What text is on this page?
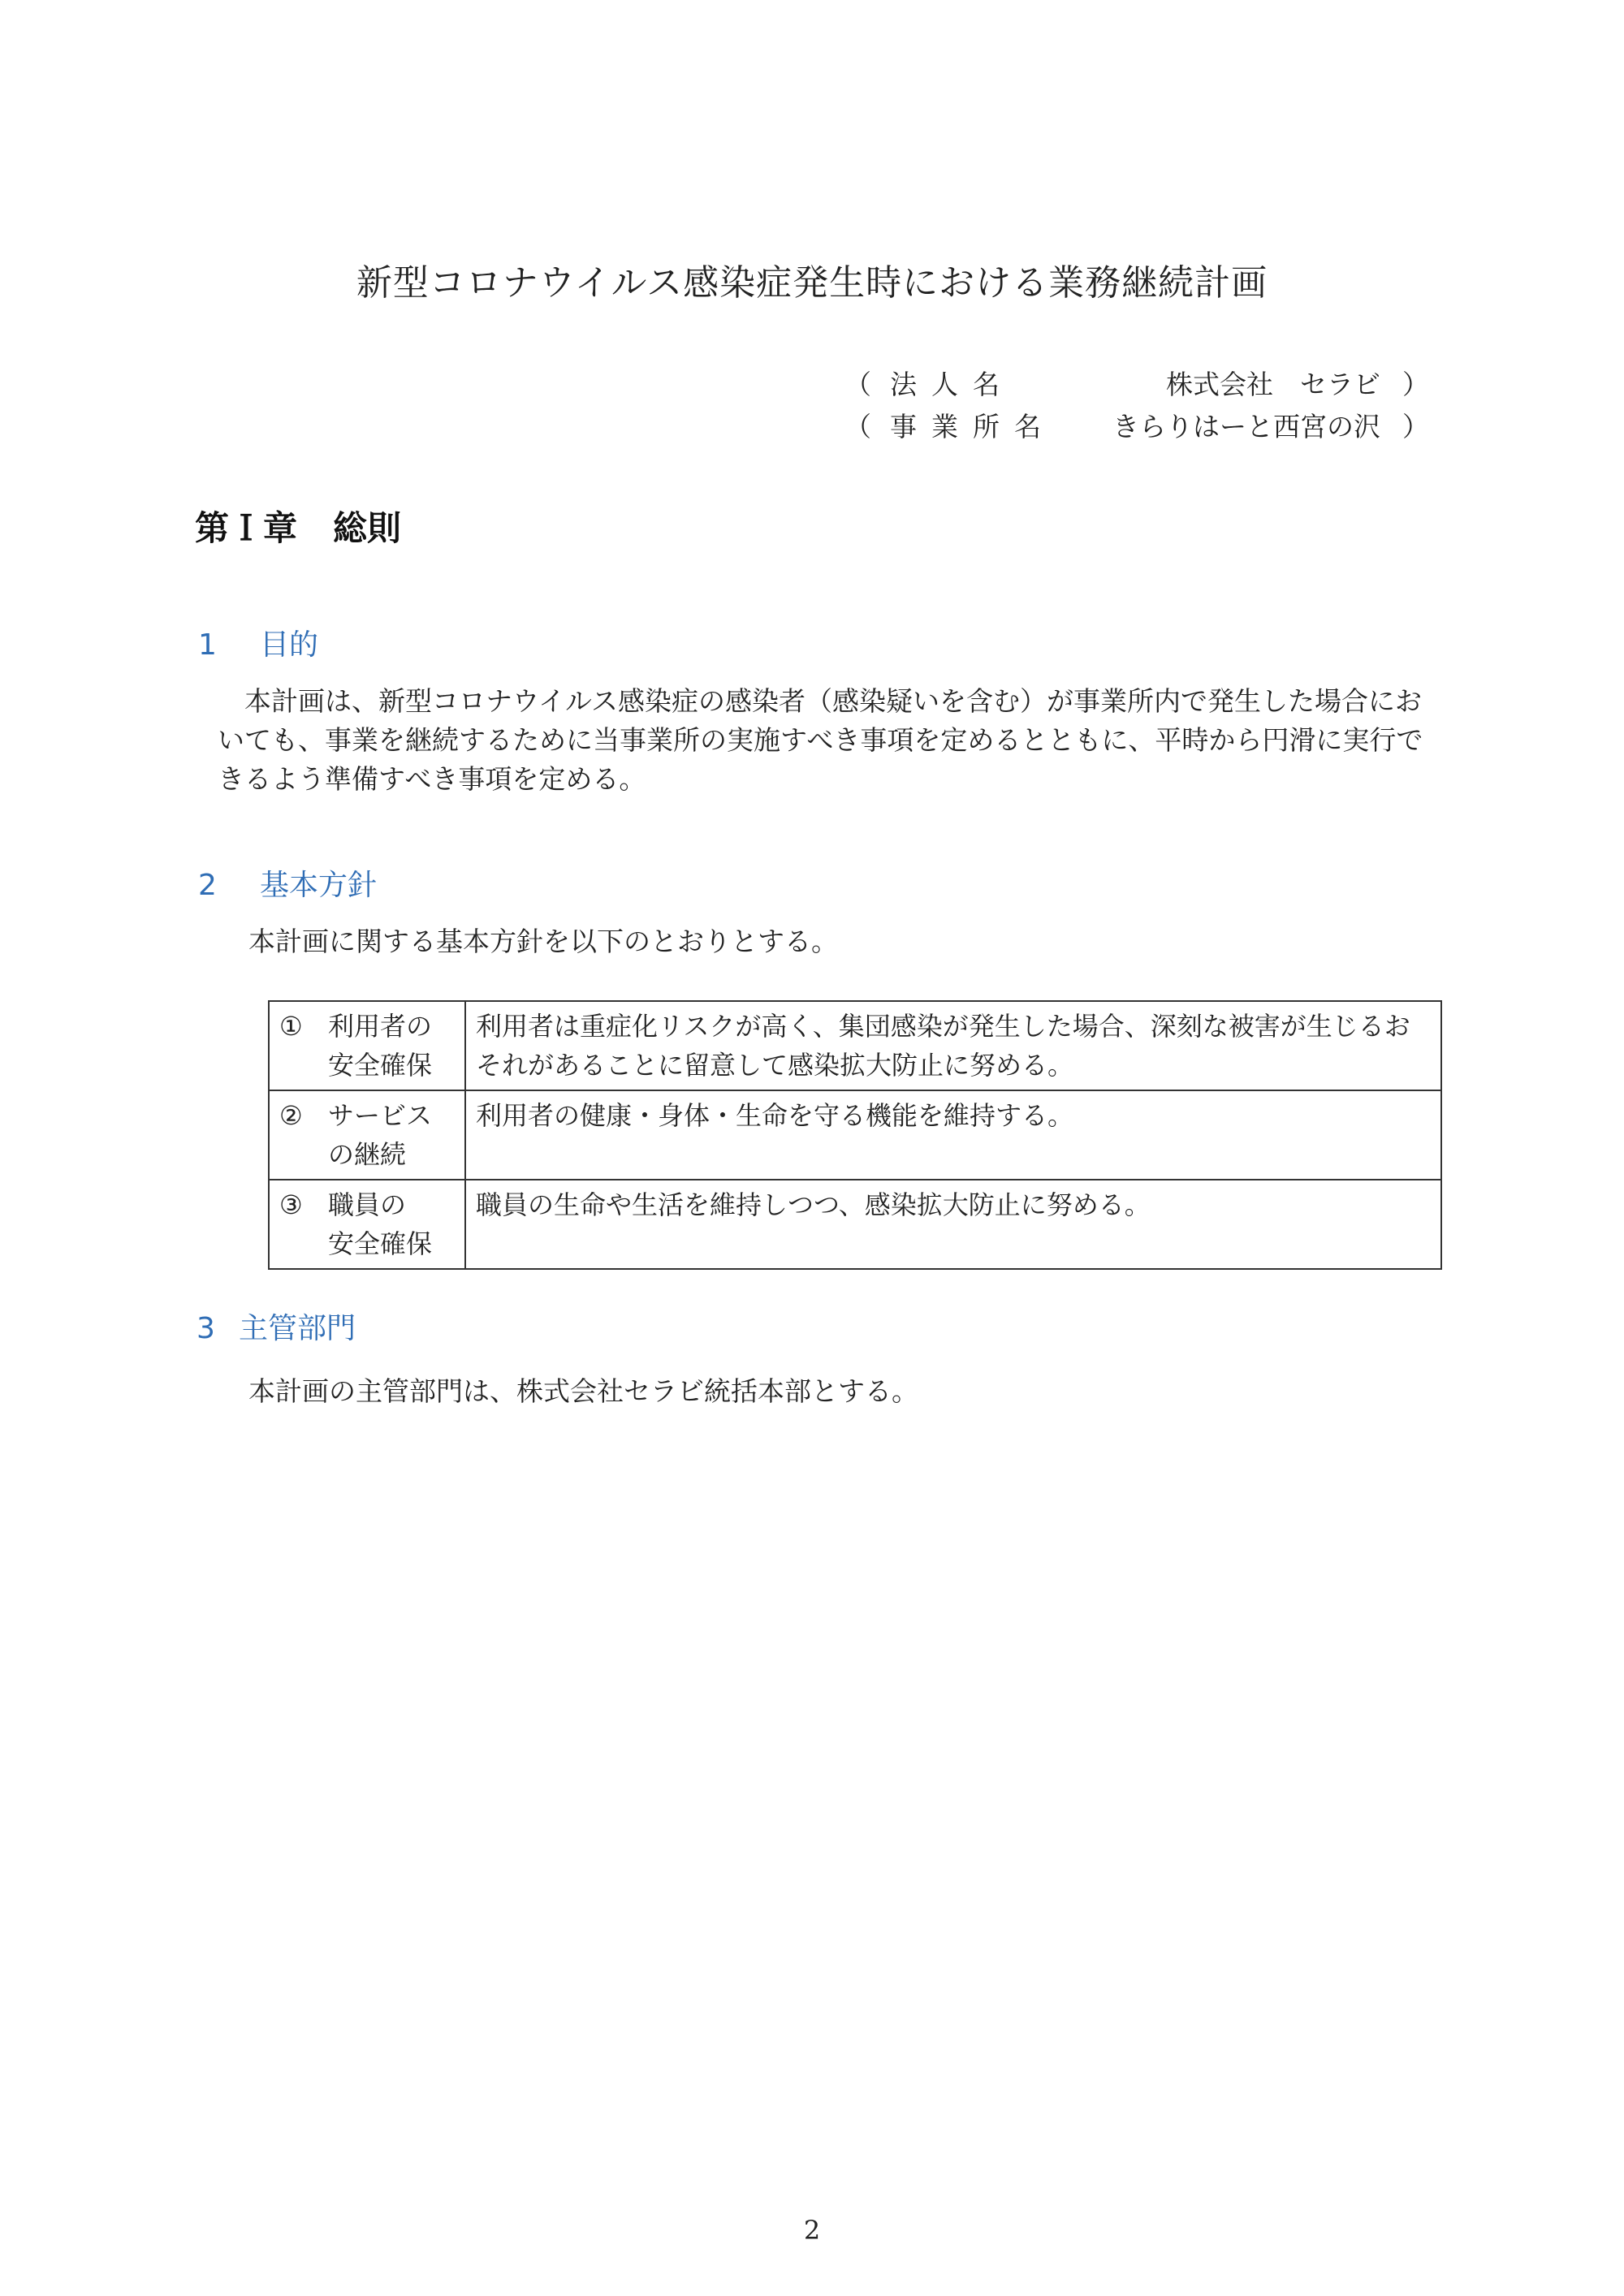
新型コロナウイルス感染症発生時における業務継続計画
（ 法人名	株式会社　セラビ ）
（ 事業所名 きらりはーと西宮の沢 ）
第Ｉ章 総則
1 目的
本計画は、新型コロナウイルス感染症の感染者（感染疑いを含む）が事業所内で発生した場合においても、事業を継続するために当事業所の実施すべき事項を定めるとともに、平時から円滑に実行できるよう準備すべき事項を定める。
2 基本方針
本計画に関する基本方針を以下のとおりとする。
① 利用者の
安全確保	利用者は重症化リスクが高く、集団感染が発生した場合、深刻な被害が生じるおそれがあることに留意して感染拡大防止に努める。
② サービス
の継続	利用者の健康・身体・生命を守る機能を維持する。
③ 職員の
安全確保	職員の生命や生活を維持しつつ、感染拡大防止に努める。
3 主管部門
本計画の主管部門は、株式会社セラビ統括本部とする。
2
